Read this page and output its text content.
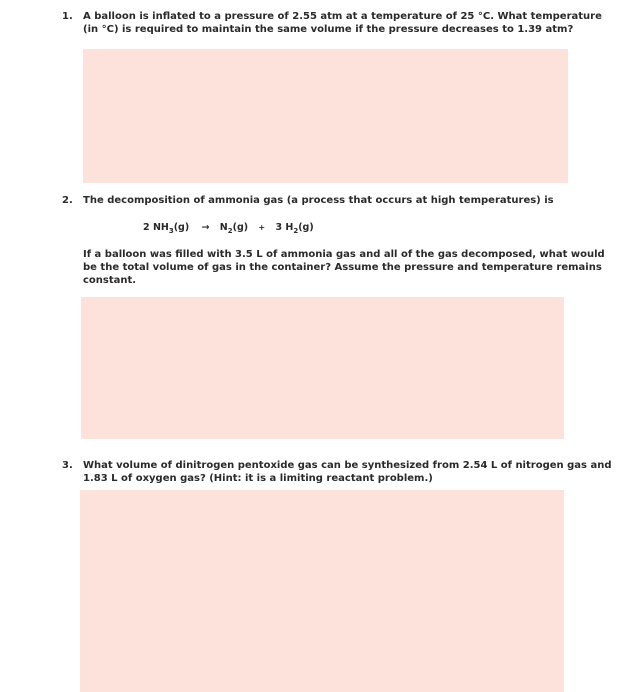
1. A balloon is inflated to a pressure of 2.55 atm at a temperature of 25 °C. What temperature
(in °C) is required to maintain the same volume if the pressure decreases to 1.39 atm?
2. The decomposition of ammonia gas (a process that occurs at high temperatures) is
2 $NH_3(g) \to N_2(g) + 3$ $H_2(g)$
If a balloon was filled with 3.5 L of ammonia gas and all of the gas decomposed, what would
be the total volume of gas in the container? Assume the pressure and temperature remains
constant.
3. What volume of dinitrogen pentoxide gas can be synthesized from 2.54 L of nitrogen gas and
1.83 L of oxygen gas? (Hint: it is a limiting reactant problem.)
